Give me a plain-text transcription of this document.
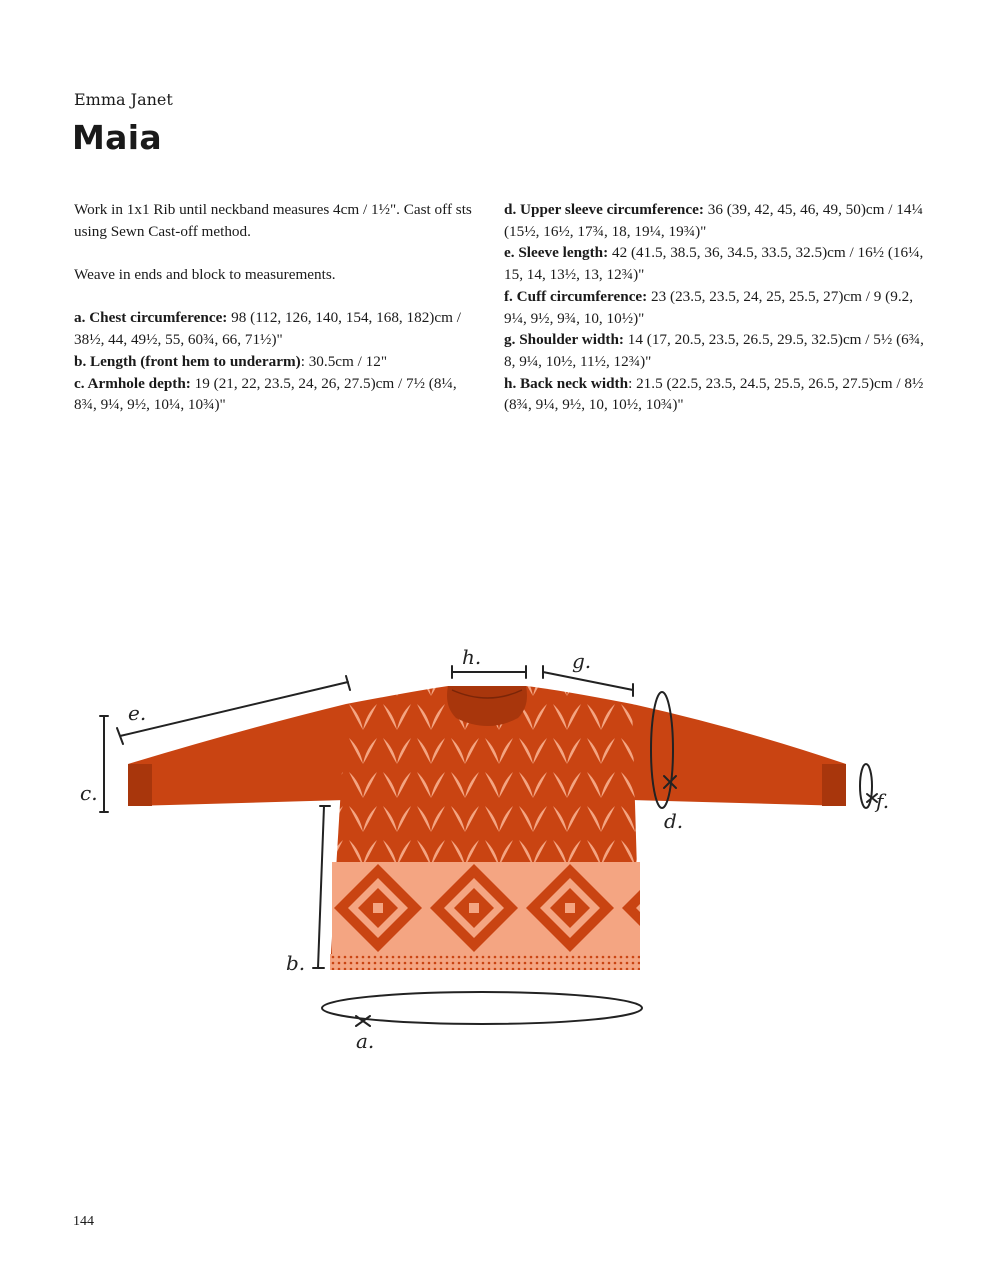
Emma Janet
Maia

Work in 1x1 Rib until neckband measures 4cm / 1½". Cast off sts using Sewn Cast-off method.

Weave in ends and block to measurements.

a. Chest circumference: 98 (112, 126, 140, 154, 168, 182)cm / 38½, 44, 49½, 55, 60¾, 66, 71½)"

b. Length (front hem to underarm): 30.5cm / 12"

c. Armhole depth: 19 (21, 22, 23.5, 24, 26, 27.5)cm / 7½ (8¼, 8¾, 9¼, 9½, 10¼, 10¾)"

d. Upper sleeve circumference: 36 (39, 42, 45, 46, 49, 50)cm / 14¼ (15½, 16½, 17¾, 18, 19¼, 19¾)"

e. Sleeve length: 42 (41.5, 38.5, 36, 34.5, 33.5, 32.5)cm / 16½ (16¼, 15, 14, 13½, 13, 12¾)"

f. Cuff circumference: 23 (23.5, 23.5, 24, 25, 25.5, 27)cm / 9 (9.2, 9¼, 9½, 9¾, 10, 10½)"

g. Shoulder width: 14 (17, 20.5, 23.5, 26.5, 29.5, 32.5)cm / 5½ (6¾, 8, 9¼, 10½, 11½, 12¾)"

h. Back neck width: 21.5 (22.5, 23.5, 24.5, 25.5, 26.5, 27.5)cm / 8½ (8¾, 9¼, 9½, 10, 10½, 10¾)"

h.	g.
e.
c.
d.
f.
b.
a.
144
